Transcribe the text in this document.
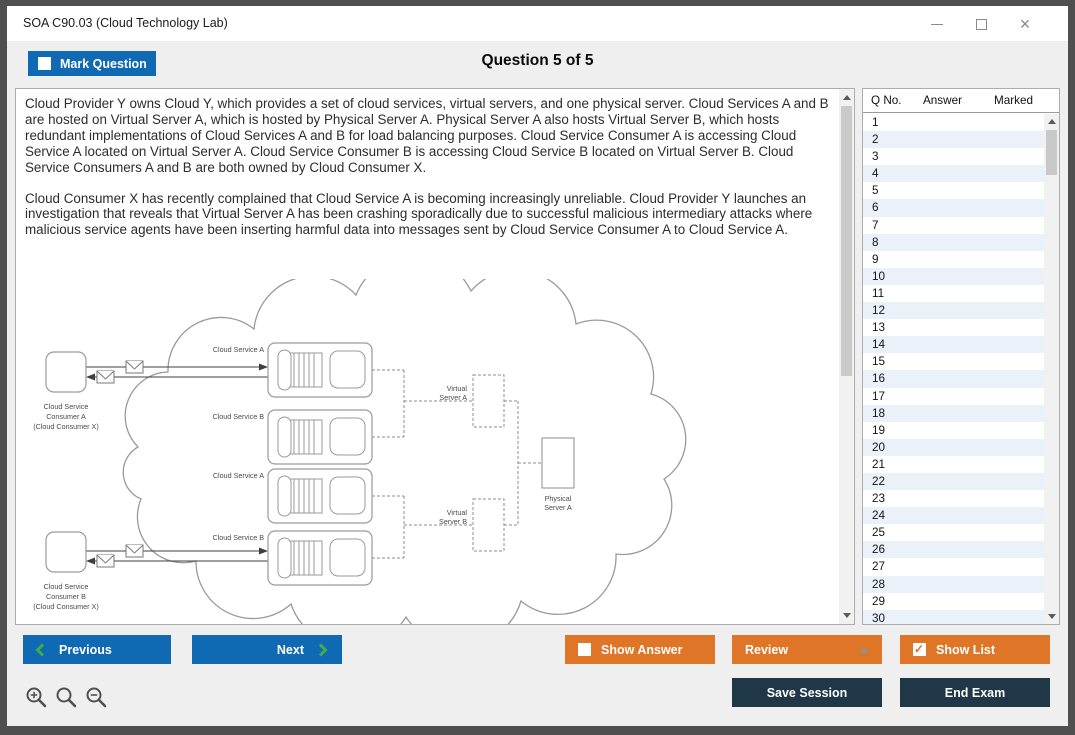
SOA C90.03 (Cloud Technology Lab)	×
Mark Question	Question 5 of 5

Cloud Provider Y owns Cloud Y, which provides a set of cloud services, virtual servers, and one physical server. Cloud Services A and B are hosted on Virtual Server A, which is hosted by Physical Server A. Physical Server A also hosts Virtual Server B, which hosts redundant implementations of Cloud Services A and B for load balancing purposes. Cloud Service Consumer A is accessing Cloud Service A located on Virtual Server A. Cloud Service Consumer B is accessing Cloud Service B located on Virtual Server B. Cloud Service Consumers A and B are both owned by Cloud Consumer X.

Cloud Consumer X has recently complained that Cloud Service A is becoming increasingly unreliable. Cloud Provider Y launches an investigation that reveals that Virtual Server A has been crashing sporadically due to successful malicious intermediary attacks where malicious service agents have been inserting harmful data into messages sent by Cloud Service Consumer A to Cloud Service A.

Cloud Service
Consumer A
(Cloud Consumer X)
Cloud Service
Consumer B
(Cloud Consumer X)
Cloud Service A
Cloud Service B
Cloud Service A
Cloud Service B
Virtual
Server A
Virtual
Server B
Physical
Server A
Q No. Answer	Marked
1
2
3
4
5
6
7
8
9
10
11
12
13
14
15
16
17
18
19
20
21
22
23
24
25
26
27
28
29
30
Previous	Next	Show Answer	Review ✓	Show List
Save Session	End Exam
